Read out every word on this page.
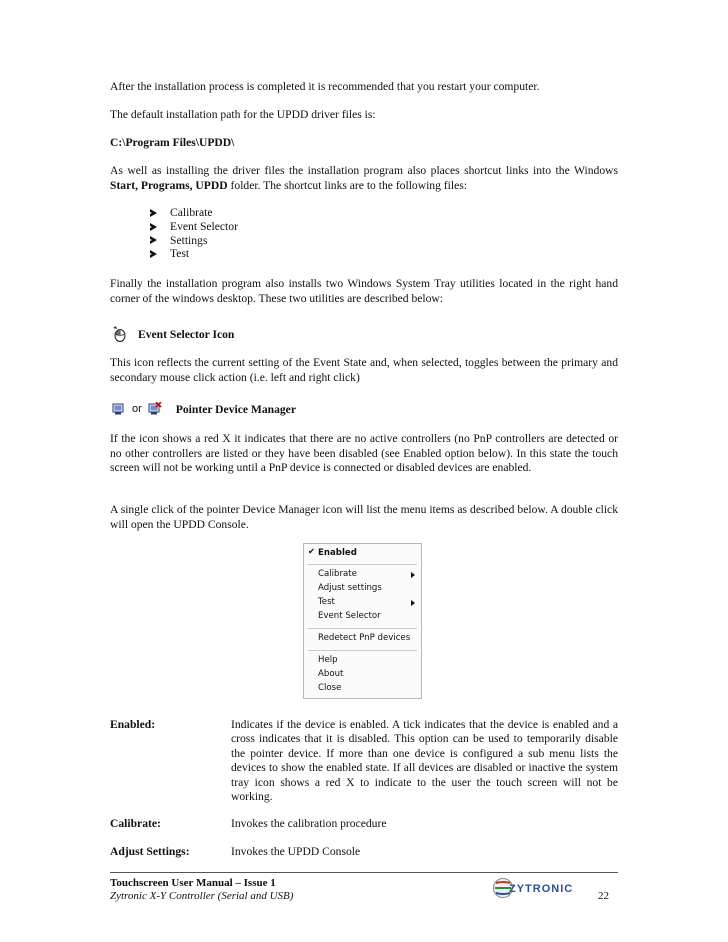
After the installation process is completed it is recommended that you restart your computer.
The default installation path for the UPDD driver files is:
C:\Program Files\UPDD\
As well as installing the driver files the installation program also places shortcut links into the Windows Start, Programs, UPDD folder. The shortcut links are to the following files:
Calibrate
Event Selector
Settings
Test
Finally the installation program also installs two Windows System Tray utilities located in the right hand corner of the windows desktop. These two utilities are described below:
Event Selector Icon
This icon reflects the current setting of the Event State and, when selected, toggles between the primary and secondary mouse click action (i.e. left and right click)
or	Pointer Device Manager
If the icon shows a red X it indicates that there are no active controllers (no PnP controllers are detected or no other controllers are listed or they have been disabled (see Enabled option below). In this state the touch screen will not be working until a PnP device is connected or disabled devices are enabled.
A single click of the pointer Device Manager icon will list the menu items as described below. A double click will open the UPDD Console.
✔ Enabled
Calibrate
Adjust settings
Test
Event Selector
Redetect PnP devices
Help
About
Close
Enabled:	Indicates if the device is enabled. A tick indicates that the device is enabled and a cross indicates that it is disabled. This option can be used to temporarily disable the pointer device. If more than one device is configured a sub menu lists the devices to show the enabled state. If all devices are disabled or inactive the system tray icon shows a red X to indicate to the user the touch screen will not be working.
Calibrate:	Invokes the calibration procedure
Adjust Settings:	Invokes the UPDD Console
Touchscreen User Manual – Issue 1
Zytronic X-Y Controller (Serial and USB)
ZYTRONIC
22
